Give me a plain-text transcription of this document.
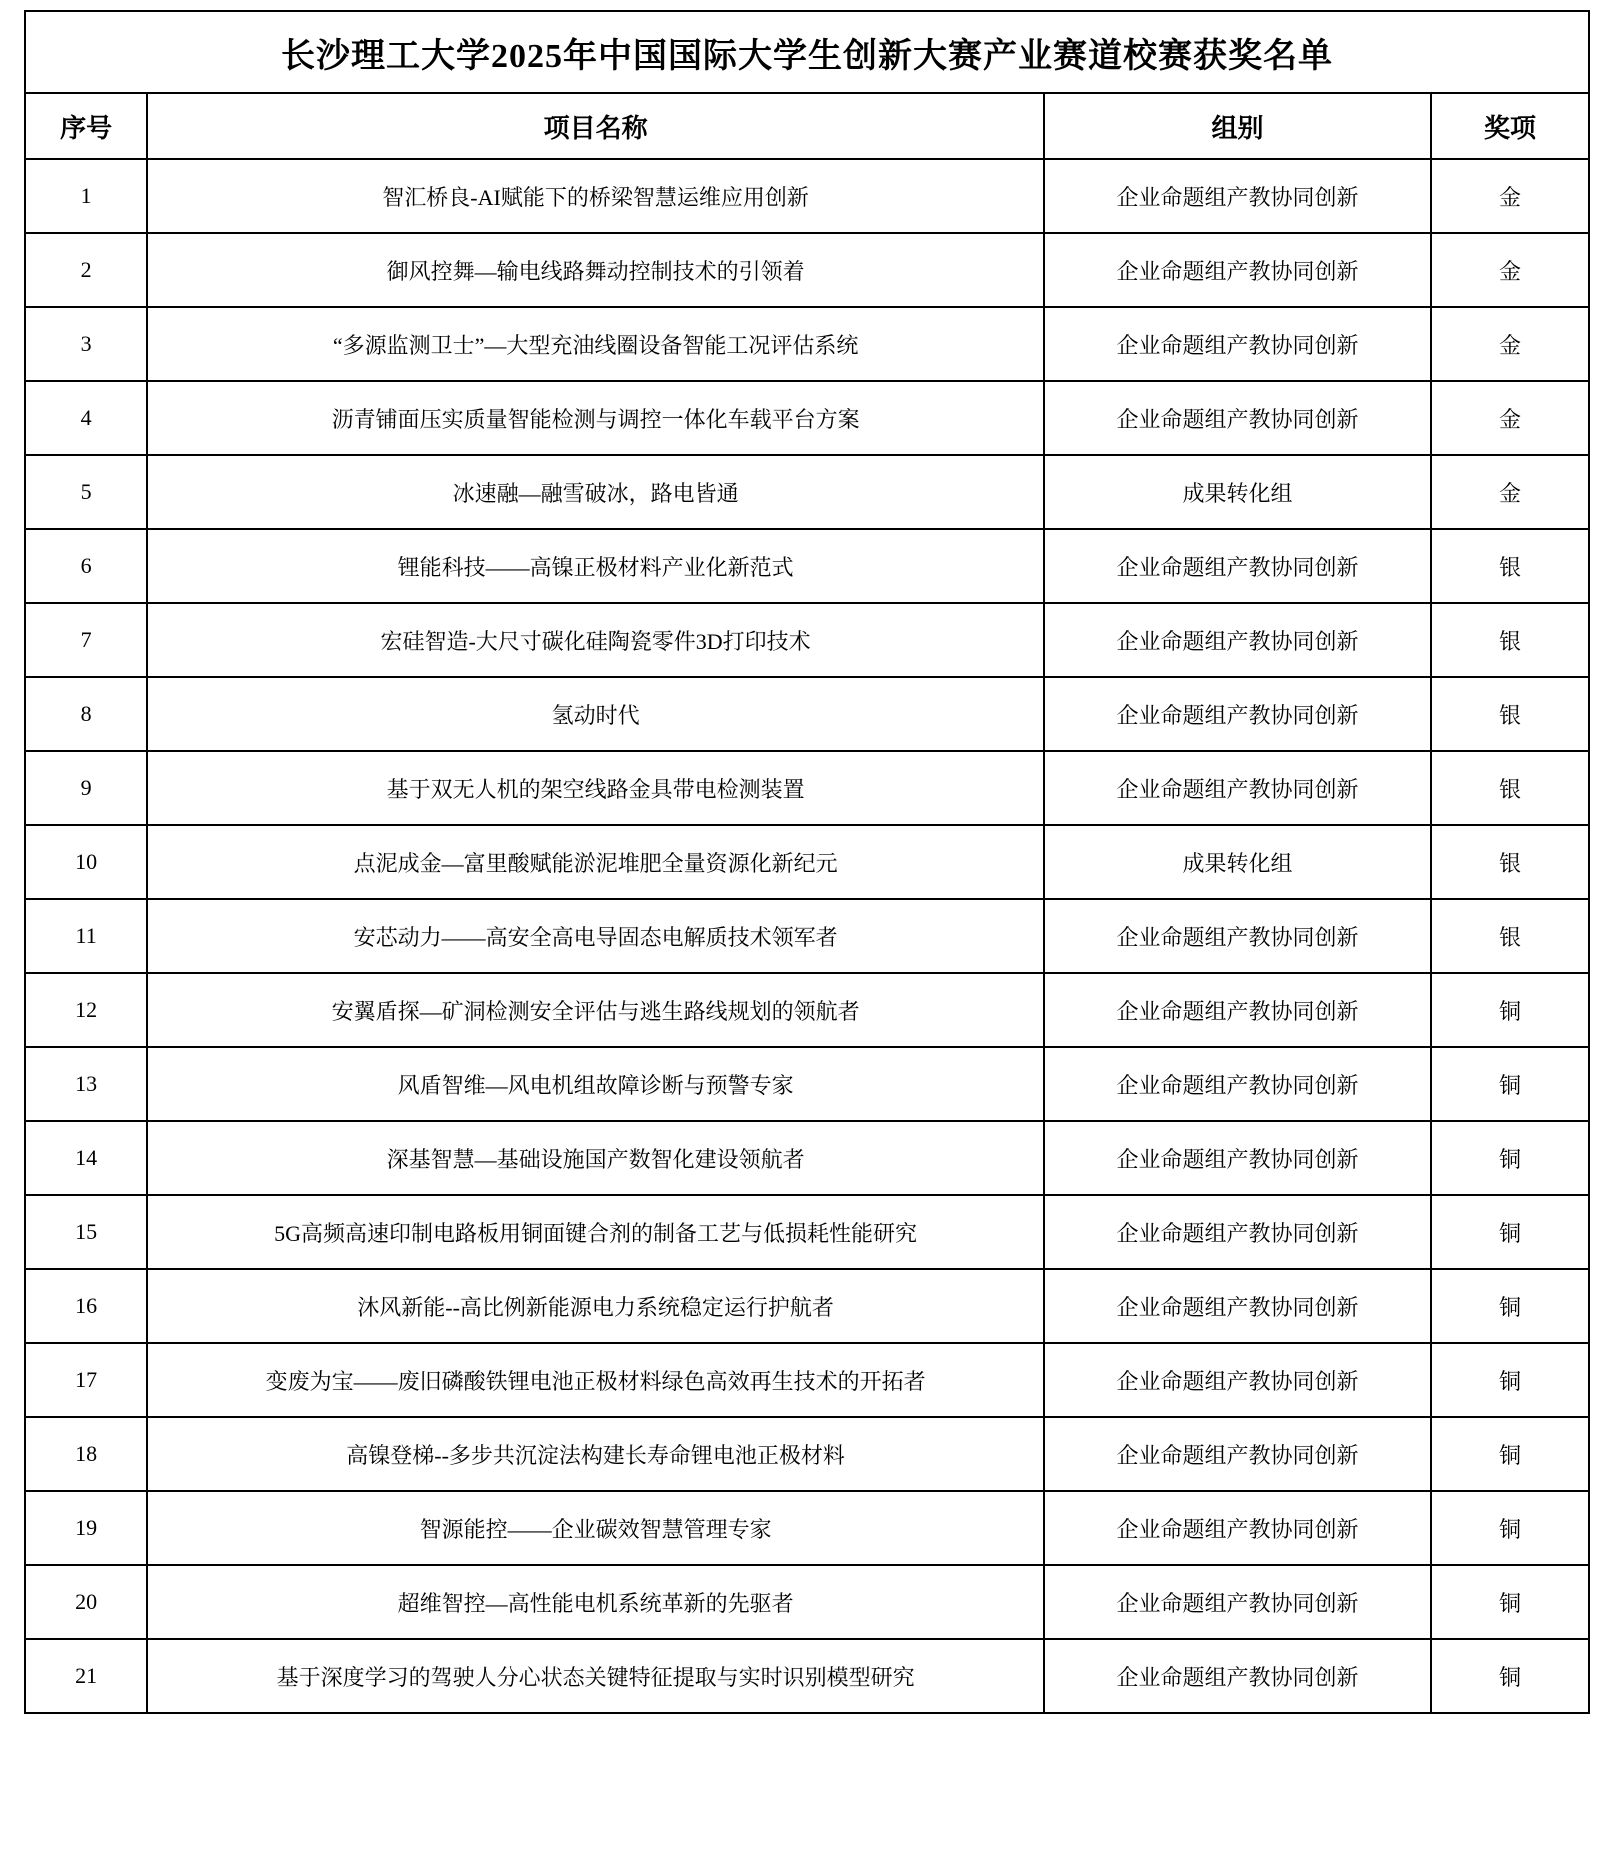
长沙理工大学2025年中国国际大学生创新大赛产业赛道校赛获奖名单			
序号	项目名称	组别	奖项
1	智汇桥良-AI赋能下的桥梁智慧运维应用创新	企业命题组产教协同创新	金
2	御风控舞—输电线路舞动控制技术的引领着	企业命题组产教协同创新	金
3	“多源监测卫士”—大型充油线圈设备智能工况评估系统	企业命题组产教协同创新	金
4	沥青铺面压实质量智能检测与调控一体化车载平台方案	企业命题组产教协同创新	金
5	冰速融—融雪破冰，路电皆通	成果转化组	金
6	锂能科技——高镍正极材料产业化新范式	企业命题组产教协同创新	银
7	宏硅智造-大尺寸碳化硅陶瓷零件3D打印技术	企业命题组产教协同创新	银
8	氢动时代	企业命题组产教协同创新	银
9	基于双无人机的架空线路金具带电检测装置	企业命题组产教协同创新	银
10	点泥成金—富里酸赋能淤泥堆肥全量资源化新纪元	成果转化组	银
11	安芯动力——高安全高电导固态电解质技术领军者	企业命题组产教协同创新	银
12	安翼盾探—矿洞检测安全评估与逃生路线规划的领航者	企业命题组产教协同创新	铜
13	风盾智维—风电机组故障诊断与预警专家	企业命题组产教协同创新	铜
14	深基智慧—基础设施国产数智化建设领航者	企业命题组产教协同创新	铜
15	5G高频高速印制电路板用铜面键合剂的制备工艺与低损耗性能研究	企业命题组产教协同创新	铜
16	沐风新能--高比例新能源电力系统稳定运行护航者	企业命题组产教协同创新	铜
17	变废为宝——废旧磷酸铁锂电池正极材料绿色高效再生技术的开拓者	企业命题组产教协同创新	铜
18	高镍登梯--多步共沉淀法构建长寿命锂电池正极材料	企业命题组产教协同创新	铜
19	智源能控——企业碳效智慧管理专家	企业命题组产教协同创新	铜
20	超维智控—高性能电机系统革新的先驱者	企业命题组产教协同创新	铜
21	基于深度学习的驾驶人分心状态关键特征提取与实时识别模型研究	企业命题组产教协同创新	铜
